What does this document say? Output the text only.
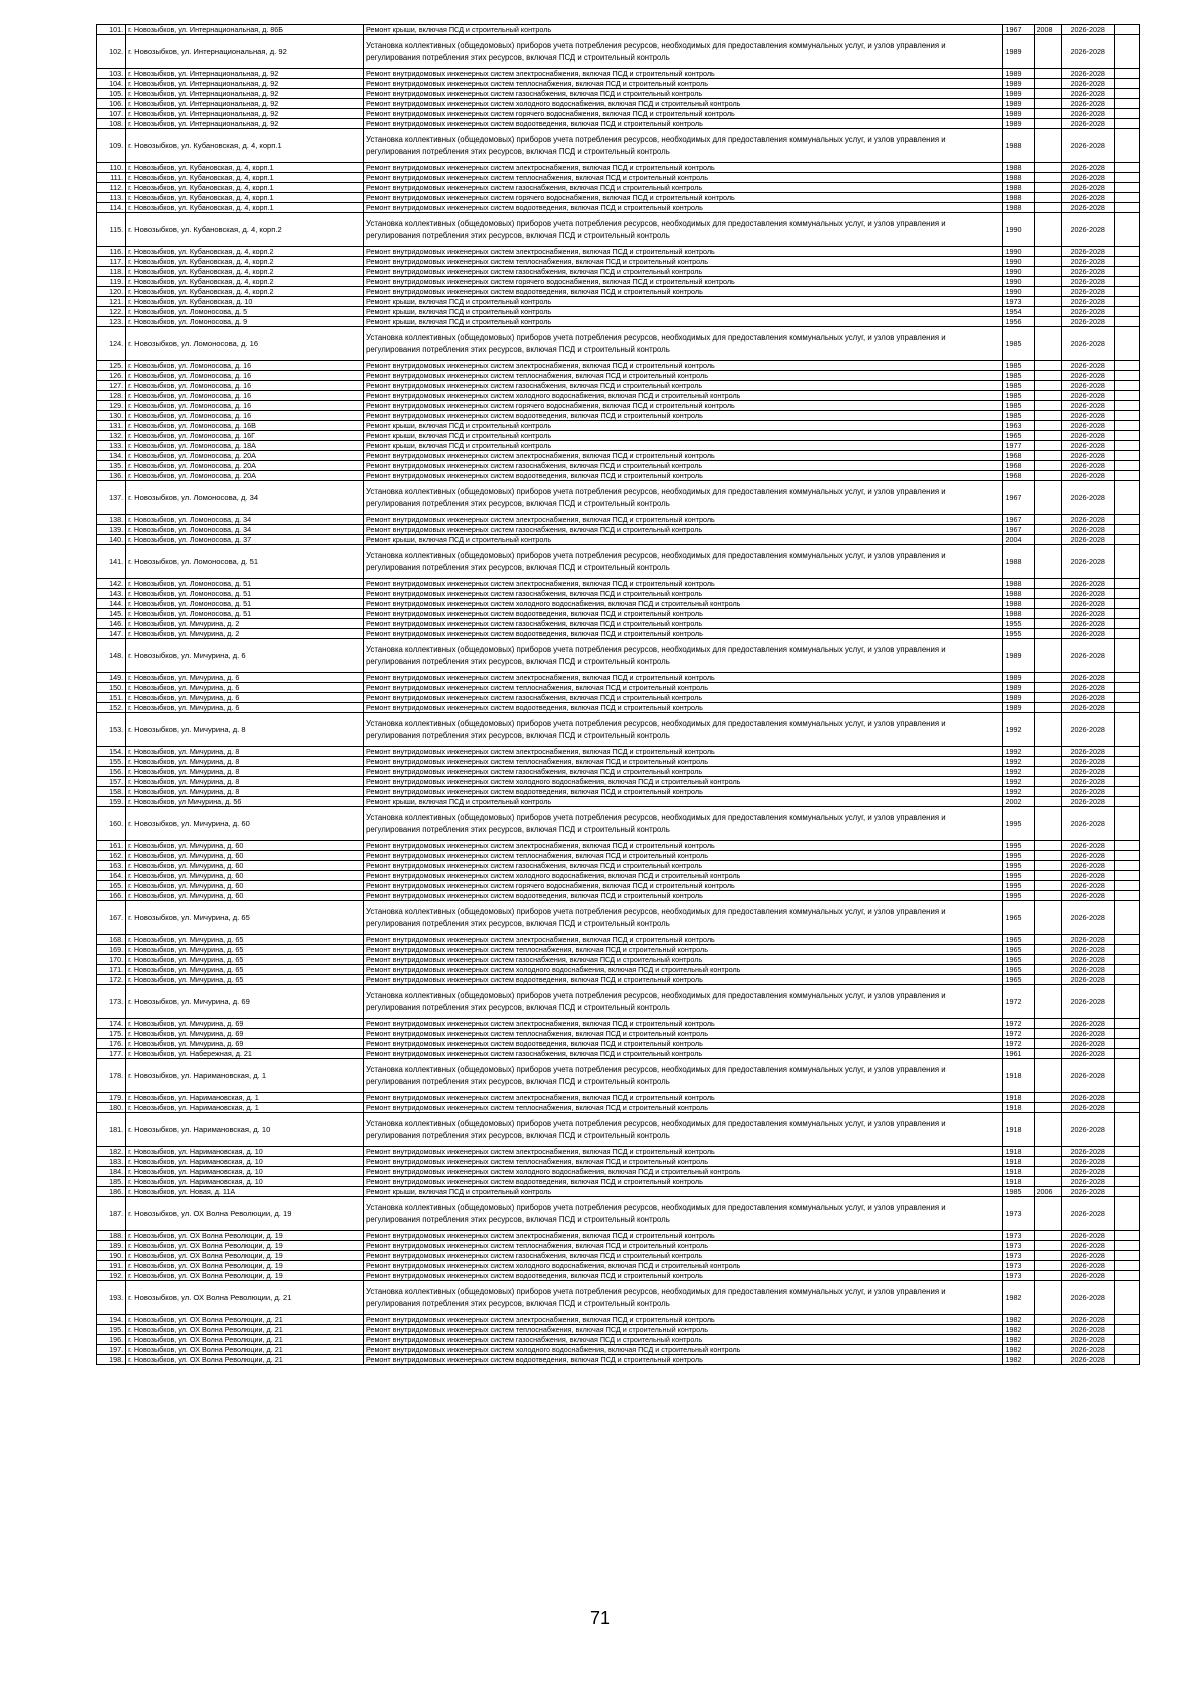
101.	г. Новозыбков, ул. Интернациональная, д. 86Б	Ремонт крыши, включая ПСД и строительный контроль	1967	2008	2026-2028	
102.	г. Новозыбков, ул. Интернациональная, д. 92	Установка коллективных (общедомовых) приборов учета потребления ресурсов, необходимых для предоставления коммунальных услуг, и узлов управления и регулирования потребления этих ресурсов, включая ПСД и строительный контроль	1989		2026-2028	
103.	г. Новозыбков, ул. Интернациональная, д. 92	Ремонт внутридомовых инженерных систем электроснабжения, включая ПСД и строительный контроль	1989		2026-2028	
104.	г. Новозыбков, ул. Интернациональная, д. 92	Ремонт внутридомовых инженерных систем теплоснабжения, включая ПСД и строительный контроль	1989		2026-2028	
105.	г. Новозыбков, ул. Интернациональная, д. 92	Ремонт внутридомовых инженерных систем газоснабжения, включая ПСД и строительный контроль	1989		2026-2028	
106.	г. Новозыбков, ул. Интернациональная, д. 92	Ремонт внутридомовых инженерных систем холодного водоснабжения, включая ПСД и строительный контроль	1989		2026-2028	
107.	г. Новозыбков, ул. Интернациональная, д. 92	Ремонт внутридомовых инженерных систем горячего водоснабжения, включая ПСД и строительный контроль	1989		2026-2028	
108.	г. Новозыбков, ул. Интернациональная, д. 92	Ремонт внутридомовых инженерных систем водоотведения, включая ПСД и строительный контроль	1989		2026-2028	
109.	г. Новозыбков, ул. Кубановская, д. 4, корп.1	Установка коллективных (общедомовых) приборов учета потребления ресурсов, необходимых для предоставления коммунальных услуг, и узлов управления и регулирования потребления этих ресурсов, включая ПСД и строительный контроль	1988		2026-2028	
110.	г. Новозыбков, ул. Кубановская, д. 4, корп.1	Ремонт внутридомовых инженерных систем электроснабжения, включая ПСД и строительный контроль	1988		2026-2028	
111.	г. Новозыбков, ул. Кубановская, д. 4, корп.1	Ремонт внутридомовых инженерных систем теплоснабжения, включая ПСД и строительный контроль	1988		2026-2028	
112.	г. Новозыбков, ул. Кубановская, д. 4, корп.1	Ремонт внутридомовых инженерных систем газоснабжения, включая ПСД и строительный контроль	1988		2026-2028	
113.	г. Новозыбков, ул. Кубановская, д. 4, корп.1	Ремонт внутридомовых инженерных систем горячего водоснабжения, включая ПСД и строительный контроль	1988		2026-2028	
114.	г. Новозыбков, ул. Кубановская, д. 4, корп.1	Ремонт внутридомовых инженерных систем водоотведения, включая ПСД и строительный контроль	1988		2026-2028	
115.	г. Новозыбков, ул. Кубановская, д. 4, корп.2	Установка коллективных (общедомовых) приборов учета потребления ресурсов, необходимых для предоставления коммунальных услуг, и узлов управления и регулирования потребления этих ресурсов, включая ПСД и строительный контроль	1990		2026-2028	
116.	г. Новозыбков, ул. Кубановская, д. 4, корп.2	Ремонт внутридомовых инженерных систем электроснабжения, включая ПСД и строительный контроль	1990		2026-2028	
117.	г. Новозыбков, ул. Кубановская, д. 4, корп.2	Ремонт внутридомовых инженерных систем теплоснабжения, включая ПСД и строительный контроль	1990		2026-2028	
118.	г. Новозыбков, ул. Кубановская, д. 4, корп.2	Ремонт внутридомовых инженерных систем газоснабжения, включая ПСД и строительный контроль	1990		2026-2028	
119.	г. Новозыбков, ул. Кубановская, д. 4, корп.2	Ремонт внутридомовых инженерных систем горячего водоснабжения, включая ПСД и строительный контроль	1990		2026-2028	
120.	г. Новозыбков, ул. Кубановская, д. 4, корп.2	Ремонт внутридомовых инженерных систем водоотведения, включая ПСД и строительный контроль	1990		2026-2028	
121.	г. Новозыбков, ул. Кубановская, д. 10	Ремонт крыши, включая ПСД и строительный контроль	1973		2026-2028	
122.	г. Новозыбков, ул. Ломоносова, д. 5	Ремонт крыши, включая ПСД и строительный контроль	1954		2026-2028	
123.	г. Новозыбков, ул. Ломоносова, д. 9	Ремонт крыши, включая ПСД и строительный контроль	1956		2026-2028	
124.	г. Новозыбков, ул. Ломоносова, д. 16	Установка коллективных (общедомовых) приборов учета потребления ресурсов, необходимых для предоставления коммунальных услуг, и узлов управления и регулирования потребления этих ресурсов, включая ПСД и строительный контроль	1985		2026-2028	
125.	г. Новозыбков, ул. Ломоносова, д. 16	Ремонт внутридомовых инженерных систем электроснабжения, включая ПСД и строительный контроль	1985		2026-2028	
126.	г. Новозыбков, ул. Ломоносова, д. 16	Ремонт внутридомовых инженерных систем теплоснабжения, включая ПСД и строительный контроль	1985		2026-2028	
127.	г. Новозыбков, ул. Ломоносова, д. 16	Ремонт внутридомовых инженерных систем газоснабжения, включая ПСД и строительный контроль	1985		2026-2028	
128.	г. Новозыбков, ул. Ломоносова, д. 16	Ремонт внутридомовых инженерных систем холодного водоснабжения, включая ПСД и строительный контроль	1985		2026-2028	
129.	г. Новозыбков, ул. Ломоносова, д. 16	Ремонт внутридомовых инженерных систем горячего водоснабжения, включая ПСД и строительный контроль	1985		2026-2028	
130.	г. Новозыбков, ул. Ломоносова, д. 16	Ремонт внутридомовых инженерных систем водоотведения, включая ПСД и строительный контроль	1985		2026-2028	
131.	г. Новозыбков, ул. Ломоносова, д. 16В	Ремонт крыши, включая ПСД и строительный контроль	1963		2026-2028	
132.	г. Новозыбков, ул. Ломоносова, д. 16Г	Ремонт крыши, включая ПСД и строительный контроль	1965		2026-2028	
133.	г. Новозыбков, ул. Ломоносова, д. 18А	Ремонт крыши, включая ПСД и строительный контроль	1977		2026-2028	
134.	г. Новозыбков, ул. Ломоносова, д. 20А	Ремонт внутридомовых инженерных систем электроснабжения, включая ПСД и строительный контроль	1968		2026-2028	
135.	г. Новозыбков, ул. Ломоносова, д. 20А	Ремонт внутридомовых инженерных систем газоснабжения, включая ПСД и строительный контроль	1968		2026-2028	
136.	г. Новозыбков, ул. Ломоносова, д. 20А	Ремонт внутридомовых инженерных систем водоотведения, включая ПСД и строительный контроль	1968		2026-2028	
137.	г. Новозыбков, ул. Ломоносова, д. 34	Установка коллективных (общедомовых) приборов учета потребления ресурсов, необходимых для предоставления коммунальных услуг, и узлов управления и регулирования потребления этих ресурсов, включая ПСД и строительный контроль	1967		2026-2028	
138.	г. Новозыбков, ул. Ломоносова, д. 34	Ремонт внутридомовых инженерных систем электроснабжения, включая ПСД и строительный контроль	1967		2026-2028	
139.	г. Новозыбков, ул. Ломоносова, д. 34	Ремонт внутридомовых инженерных систем газоснабжения, включая ПСД и строительный контроль	1967		2026-2028	
140.	г. Новозыбков, ул. Ломоносова, д. 37	Ремонт крыши, включая ПСД и строительный контроль	2004		2026-2028	
141.	г. Новозыбков, ул. Ломоносова, д. 51	Установка коллективных (общедомовых) приборов учета потребления ресурсов, необходимых для предоставления коммунальных услуг, и узлов управления и регулирования потребления этих ресурсов, включая ПСД и строительный контроль	1988		2026-2028	
142.	г. Новозыбков, ул. Ломоносова, д. 51	Ремонт внутридомовых инженерных систем электроснабжения, включая ПСД и строительный контроль	1988		2026-2028	
143.	г. Новозыбков, ул. Ломоносова, д. 51	Ремонт внутридомовых инженерных систем газоснабжения, включая ПСД и строительный контроль	1988		2026-2028	
144.	г. Новозыбков, ул. Ломоносова, д. 51	Ремонт внутридомовых инженерных систем холодного водоснабжения, включая ПСД и строительный контроль	1988		2026-2028	
145.	г. Новозыбков, ул. Ломоносова, д. 51	Ремонт внутридомовых инженерных систем водоотведения, включая ПСД и строительный контроль	1988		2026-2028	
146.	г. Новозыбков, ул. Мичурина, д. 2	Ремонт внутридомовых инженерных систем газоснабжения, включая ПСД и строительный контроль	1955		2026-2028	
147.	г. Новозыбков, ул. Мичурина, д. 2	Ремонт внутридомовых инженерных систем водоотведения, включая ПСД и строительный контроль	1955		2026-2028	
148.	г. Новозыбков, ул. Мичурина, д. 6	Установка коллективных (общедомовых) приборов учета потребления ресурсов, необходимых для предоставления коммунальных услуг, и узлов управления и регулирования потребления этих ресурсов, включая ПСД и строительный контроль	1989		2026-2028	
149.	г. Новозыбков, ул. Мичурина, д. 6	Ремонт внутридомовых инженерных систем электроснабжения, включая ПСД и строительный контроль	1989		2026-2028	
150.	г. Новозыбков, ул. Мичурина, д. 6	Ремонт внутридомовых инженерных систем теплоснабжения, включая ПСД и строительный контроль	1989		2026-2028	
151.	г. Новозыбков, ул. Мичурина, д. 6	Ремонт внутридомовых инженерных систем газоснабжения, включая ПСД и строительный контроль	1989		2026-2028	
152.	г. Новозыбков, ул. Мичурина, д. 6	Ремонт внутридомовых инженерных систем водоотведения, включая ПСД и строительный контроль	1989		2026-2028	
153.	г. Новозыбков, ул. Мичурина, д. 8	Установка коллективных (общедомовых) приборов учета потребления ресурсов, необходимых для предоставления коммунальных услуг, и узлов управления и регулирования потребления этих ресурсов, включая ПСД и строительный контроль	1992		2026-2028	
154.	г. Новозыбков, ул. Мичурина, д. 8	Ремонт внутридомовых инженерных систем электроснабжения, включая ПСД и строительный контроль	1992		2026-2028	
155.	г. Новозыбков, ул. Мичурина, д. 8	Ремонт внутридомовых инженерных систем теплоснабжения, включая ПСД и строительный контроль	1992		2026-2028	
156.	г. Новозыбков, ул. Мичурина, д. 8	Ремонт внутридомовых инженерных систем газоснабжения, включая ПСД и строительный контроль	1992		2026-2028	
157.	г. Новозыбков, ул. Мичурина, д. 8	Ремонт внутридомовых инженерных систем холодного водоснабжения, включая ПСД и строительный контроль	1992		2026-2028	
158.	г. Новозыбков, ул. Мичурина, д. 8	Ремонт внутридомовых инженерных систем водоотведения, включая ПСД и строительный контроль	1992		2026-2028	
159.	г. Новозыбков, ул Мичурина, д. 56	Ремонт крыши, включая ПСД и строительный контроль	2002		2026-2028	
160.	г. Новозыбков, ул. Мичурина, д. 60	Установка коллективных (общедомовых) приборов учета потребления ресурсов, необходимых для предоставления коммунальных услуг, и узлов управления и регулирования потребления этих ресурсов, включая ПСД и строительный контроль	1995		2026-2028	
161.	г. Новозыбков, ул. Мичурина, д. 60	Ремонт внутридомовых инженерных систем электроснабжения, включая ПСД и строительный контроль	1995		2026-2028	
162.	г. Новозыбков, ул. Мичурина, д. 60	Ремонт внутридомовых инженерных систем теплоснабжения, включая ПСД и строительный контроль	1995		2026-2028	
163.	г. Новозыбков, ул. Мичурина, д. 60	Ремонт внутридомовых инженерных систем газоснабжения, включая ПСД и строительный контроль	1995		2026-2028	
164.	г. Новозыбков, ул. Мичурина, д. 60	Ремонт внутридомовых инженерных систем холодного водоснабжения, включая ПСД и строительный контроль	1995		2026-2028	
165.	г. Новозыбков, ул. Мичурина, д. 60	Ремонт внутридомовых инженерных систем горячего водоснабжения, включая ПСД и строительный контроль	1995		2026-2028	
166.	г. Новозыбков, ул. Мичурина, д. 60	Ремонт внутридомовых инженерных систем водоотведения, включая ПСД и строительный контроль	1995		2026-2028	
167.	г. Новозыбков, ул. Мичурина, д. 65	Установка коллективных (общедомовых) приборов учета потребления ресурсов, необходимых для предоставления коммунальных услуг, и узлов управления и регулирования потребления этих ресурсов, включая ПСД и строительный контроль	1965		2026-2028	
168.	г. Новозыбков, ул. Мичурина, д. 65	Ремонт внутридомовых инженерных систем электроснабжения, включая ПСД и строительный контроль	1965		2026-2028	
169.	г. Новозыбков, ул. Мичурина, д. 65	Ремонт внутридомовых инженерных систем теплоснабжения, включая ПСД и строительный контроль	1965		2026-2028	
170.	г. Новозыбков, ул. Мичурина, д. 65	Ремонт внутридомовых инженерных систем газоснабжения, включая ПСД и строительный контроль	1965		2026-2028	
171.	г. Новозыбков, ул. Мичурина, д. 65	Ремонт внутридомовых инженерных систем холодного водоснабжения, включая ПСД и строительный контроль	1965		2026-2028	
172.	г. Новозыбков, ул. Мичурина, д. 65	Ремонт внутридомовых инженерных систем водоотведения, включая ПСД и строительный контроль	1965		2026-2028	
173.	г. Новозыбков, ул. Мичурина, д. 69	Установка коллективных (общедомовых) приборов учета потребления ресурсов, необходимых для предоставления коммунальных услуг, и узлов управления и регулирования потребления этих ресурсов, включая ПСД и строительный контроль	1972		2026-2028	
174.	г. Новозыбков, ул. Мичурина, д. 69	Ремонт внутридомовых инженерных систем электроснабжения, включая ПСД и строительный контроль	1972		2026-2028	
175.	г. Новозыбков, ул. Мичурина, д. 69	Ремонт внутридомовых инженерных систем теплоснабжения, включая ПСД и строительный контроль	1972		2026-2028	
176.	г. Новозыбков, ул. Мичурина, д. 69	Ремонт внутридомовых инженерных систем водоотведения, включая ПСД и строительный контроль	1972		2026-2028	
177.	г. Новозыбков, ул. Набережная, д. 21	Ремонт внутридомовых инженерных систем газоснабжения, включая ПСД и строительный контроль	1961		2026-2028	
178.	г. Новозыбков, ул. Наримановская, д. 1	Установка коллективных (общедомовых) приборов учета потребления ресурсов, необходимых для предоставления коммунальных услуг, и узлов управления и регулирования потребления этих ресурсов, включая ПСД и строительный контроль	1918		2026-2028	
179.	г. Новозыбков, ул. Наримановская, д. 1	Ремонт внутридомовых инженерных систем электроснабжения, включая ПСД и строительный контроль	1918		2026-2028	
180.	г. Новозыбков, ул. Наримановская, д. 1	Ремонт внутридомовых инженерных систем теплоснабжения, включая ПСД и строительный контроль	1918		2026-2028	
181.	г. Новозыбков, ул. Наримановская, д. 10	Установка коллективных (общедомовых) приборов учета потребления ресурсов, необходимых для предоставления коммунальных услуг, и узлов управления и регулирования потребления этих ресурсов, включая ПСД и строительный контроль	1918		2026-2028	
182.	г. Новозыбков, ул. Наримановская, д. 10	Ремонт внутридомовых инженерных систем электроснабжения, включая ПСД и строительный контроль	1918		2026-2028	
183.	г. Новозыбков, ул. Наримановская, д. 10	Ремонт внутридомовых инженерных систем теплоснабжения, включая ПСД и строительный контроль	1918		2026-2028	
184.	г. Новозыбков, ул. Наримановская, д. 10	Ремонт внутридомовых инженерных систем холодного водоснабжения, включая ПСД и строительный контроль	1918		2026-2028	
185.	г. Новозыбков, ул. Наримановская, д. 10	Ремонт внутридомовых инженерных систем водоотведения, включая ПСД и строительный контроль	1918		2026-2028	
186.	г. Новозыбков, ул. Новая, д. 11А	Ремонт крыши, включая ПСД и строительный контроль	1985	2006	2026-2028	
187.	г. Новозыбков, ул. ОХ Волна Революции, д. 19	Установка коллективных (общедомовых) приборов учета потребления ресурсов, необходимых для предоставления коммунальных услуг, и узлов управления и регулирования потребления этих ресурсов, включая ПСД и строительный контроль	1973		2026-2028	
188.	г. Новозыбков, ул. ОХ Волна Революции, д. 19	Ремонт внутридомовых инженерных систем электроснабжения, включая ПСД и строительный контроль	1973		2026-2028	
189.	г. Новозыбков, ул. ОХ Волна Революции, д. 19	Ремонт внутридомовых инженерных систем теплоснабжения, включая ПСД и строительный контроль	1973		2026-2028	
190.	г. Новозыбков, ул. ОХ Волна Революции, д. 19	Ремонт внутридомовых инженерных систем газоснабжения, включая ПСД и строительный контроль	1973		2026-2028	
191.	г. Новозыбков, ул. ОХ Волна Революции, д. 19	Ремонт внутридомовых инженерных систем холодного водоснабжения, включая ПСД и строительный контроль	1973		2026-2028	
192.	г. Новозыбков, ул. ОХ Волна Революции, д. 19	Ремонт внутридомовых инженерных систем водоотведения, включая ПСД и строительный контроль	1973		2026-2028	
193.	г. Новозыбков, ул. ОХ Волна Революции, д. 21	Установка коллективных (общедомовых) приборов учета потребления ресурсов, необходимых для предоставления коммунальных услуг, и узлов управления и регулирования потребления этих ресурсов, включая ПСД и строительный контроль	1982		2026-2028	
194.	г. Новозыбков, ул. ОХ Волна Революции, д. 21	Ремонт внутридомовых инженерных систем электроснабжения, включая ПСД и строительный контроль	1982		2026-2028	
195.	г. Новозыбков, ул. ОХ Волна Революции, д. 21	Ремонт внутридомовых инженерных систем теплоснабжения, включая ПСД и строительный контроль	1982		2026-2028	
196.	г. Новозыбков, ул. ОХ Волна Революции, д. 21	Ремонт внутридомовых инженерных систем газоснабжения, включая ПСД и строительный контроль	1982		2026-2028	
197.	г. Новозыбков, ул. ОХ Волна Революции, д. 21	Ремонт внутридомовых инженерных систем холодного водоснабжения, включая ПСД и строительный контроль	1982		2026-2028	
198.	г. Новозыбков, ул. ОХ Волна Революции, д. 21	Ремонт внутридомовых инженерных систем водоотведения, включая ПСД и строительный контроль	1982		2026-2028	
71
